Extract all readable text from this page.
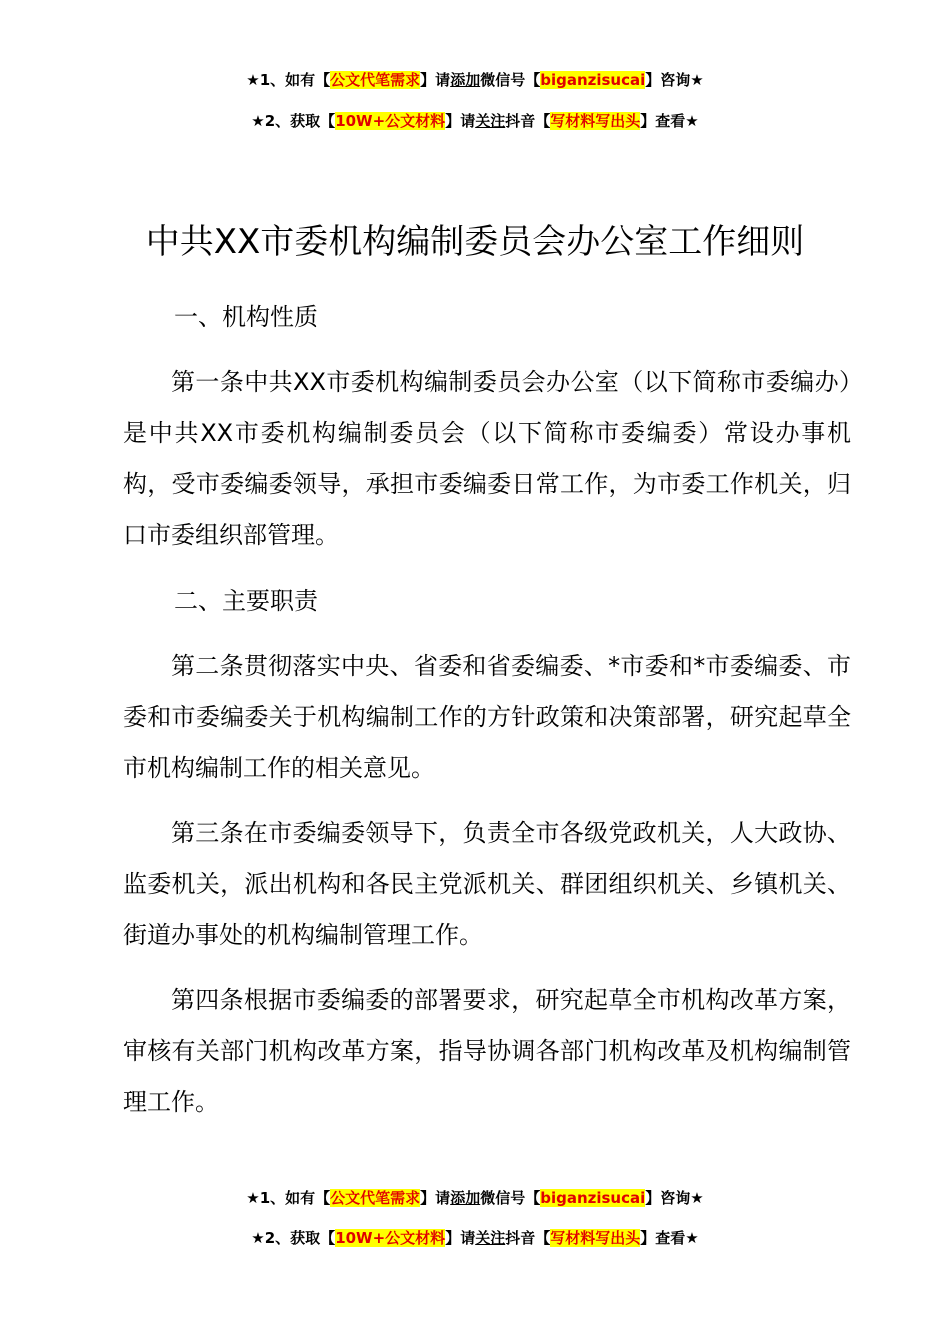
★1、如有【公文代笔需求】请添加微信号【biganzisucai】咨询★
★2、获取【10W+公文材料】请关注抖音【写材料写出头】查看★
中共XX市委机构编制委员会办公室工作细则
一、机构性质

第一条中共XX市委机构编制委员会办公室（以下简称市委编办）是中共XX市委机构编制委员会（以下简称市委编委）常设办事机构，受市委编委领导，承担市委编委日常工作，为市委工作机关，归口市委组织部管理。

二、主要职责

第二条贯彻落实中央、省委和省委编委、*市委和*市委编委、市委和市委编委关于机构编制工作的方针政策和决策部署，研究起草全市机构编制工作的相关意见。

第三条在市委编委领导下，负责全市各级党政机关，人大政协、监委机关，派出机构和各民主党派机关、群团组织机关、乡镇机关、街道办事处的机构编制管理工作。

第四条根据市委编委的部署要求，研究起草全市机构改革方案，审核有关部门机构改革方案，指导协调各部门机构改革及机构编制管理工作。

★1、如有【公文代笔需求】请添加微信号【biganzisucai】咨询★
★2、获取【10W+公文材料】请关注抖音【写材料写出头】查看★
